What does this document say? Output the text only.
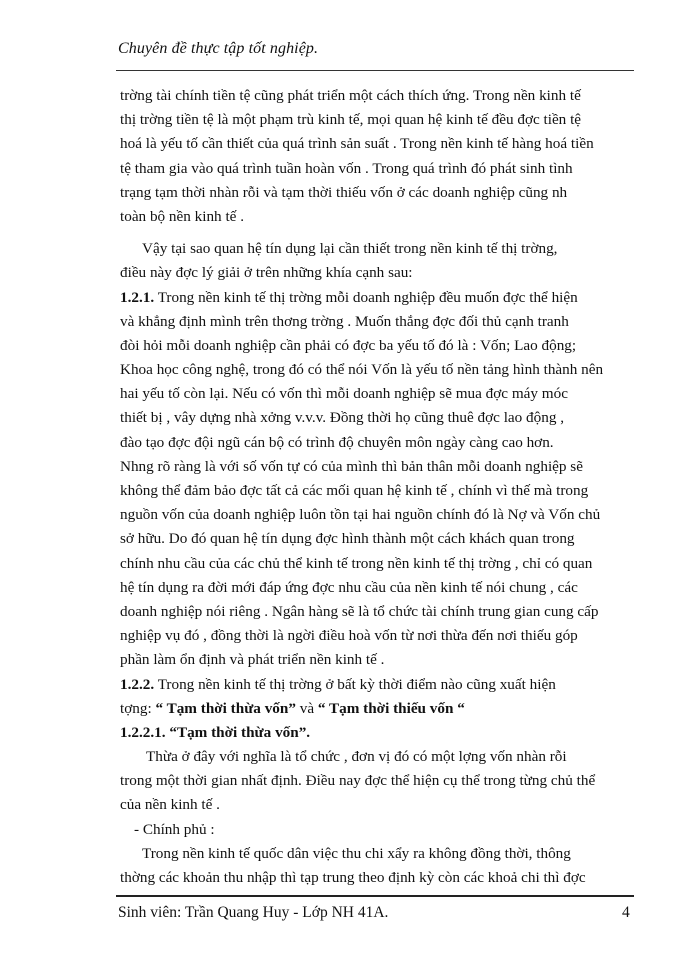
Chuyên đề thực tập tốt nghiệp.
trờng tài chính tiền tệ cũng phát triển một cách thích ứng. Trong nền kinh tế
thị trờng tiền tệ là một phạm trù kinh tế, mọi quan hệ kinh tế đều đợc tiền tệ
hoá là yếu tố cần thiết của quá trình sản suất . Trong nền kinh tế hàng hoá tiền
tệ tham gia vào quá trình tuần hoàn vốn . Trong quá trình đó phát sinh tình
trạng tạm thời nhàn rỗi và tạm thời thiếu vốn ở các doanh nghiệp cũng nh
toàn bộ nền kinh tế .
Vậy tại sao quan hệ tín dụng lại cần thiết trong nền kinh tế thị trờng,
điều này đợc lý giải ở trên những khía cạnh sau:
1.2.1. Trong nền kinh tế thị trờng mỗi doanh nghiệp đều muốn đợc thể hiện
và khẳng định mình trên thơng trờng . Muốn thắng đợc đối thủ cạnh tranh
đòi hỏi mỗi doanh nghiệp cần phải có đợc ba yếu tố đó là : Vốn; Lao động;
Khoa học công nghệ, trong đó có thể nói Vốn là yếu tố nền tảng hình thành nên
hai yếu tố còn lại. Nếu có vốn thì mỗi doanh nghiệp sẽ mua đợc máy móc
thiết bị , vây dựng nhà xởng v.v.v. Đồng thời họ cũng thuê đợc lao động ,
đào tạo đợc đội ngũ cán bộ có trình độ chuyên môn ngày càng cao hơn.
Nhng rõ ràng là với số vốn tự có của mình thì bản thân mỗi doanh nghiệp sẽ
không thể đảm bảo đợc tất cả các mối quan hệ kinh tế , chính vì thế mà trong
nguồn vốn của doanh nghiệp luôn tồn tại hai nguồn chính đó là Nợ và Vốn chủ
sở hữu. Do đó quan hệ tín dụng đợc hình thành một cách khách quan trong
chính nhu cầu của các chủ thể kinh tế trong nền kinh tế thị trờng , chỉ có quan
hệ tín dụng ra đời mới đáp ứng đợc nhu cầu của nền kinh tế nói chung , các
doanh nghiệp nói riêng . Ngân hàng sẽ là tổ chức tài chính trung gian cung cấp
nghiệp vụ đó , đồng thời là ngời điều hoà vốn từ nơi thừa đến nơi thiếu góp
phần làm ổn định và phát triển nền kinh tế .
1.2.2. Trong nền kinh tế thị trờng ở bất kỳ thời điểm nào cũng xuất hiện
tợng: “ Tạm thời thừa vốn” và “ Tạm thời thiếu vốn “
1.2.2.1. “Tạm thời thừa vốn”.
Thừa ở đây với nghĩa là tổ chức , đơn vị đó có một lợng vốn nhàn rỗi
trong một thời gian nhất định. Điều nay đợc thể hiện cụ thể trong từng chủ thể
của nền kinh tế .
- Chính phủ :
Trong nền kinh tế quốc dân việc thu chi xẩy ra không đồng thời, thông
thờng các khoản thu nhập thì tạp trung theo định kỳ còn các khoả chi thì đợc
Sinh viên: Trần Quang Huy - Lớp NH 41A.	4
